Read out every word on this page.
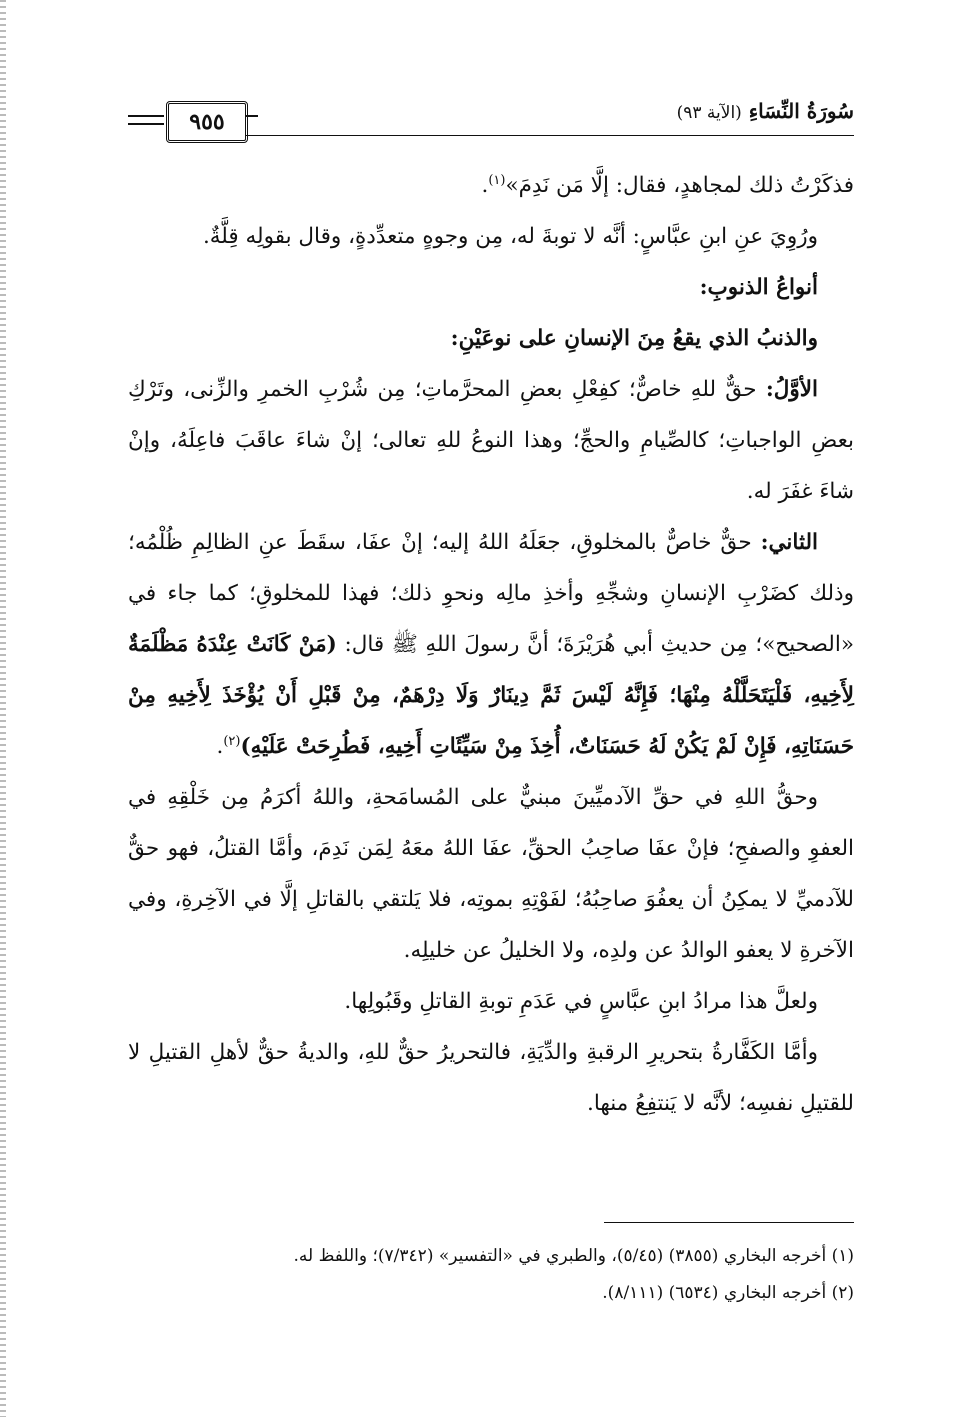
٩٥٥	سُورَةُ النِّسَاءِ (الآية ٩٣)

فذكَرْتُ ذلك لمجاهدٍ، فقال: إلَّا مَن نَدِمَ»$^{(١)}$.

ورُوِيَ عنِ ابنِ عبَّاسٍ: أنَّه لا توبةَ له، مِن وجوهٍ متعدِّدةٍ، وقال بقولِه قِلَّةٌ.

أنواعُ الذنوبِ:

والذنبُ الذي يقعُ مِنَ الإنسانِ على نوعَيْنِ:

الأوَّلُ: حقٌّ للهِ خاصٌّ؛ كفِعْلِ بعضِ المحرَّماتِ؛ مِن شُرْبِ الخمرِ والزِّنى، وتَرْكِ بعضِ الواجباتِ؛ كالصِّيامِ والحجِّ؛ وهذا النوعُ للهِ تعالى؛ إنْ شاءَ عاقَبَ فاعِلَهُ، وإنْ شاءَ غفَرَ له.

الثاني: حقٌّ خاصٌّ بالمخلوقِ، جعَلَهُ اللهُ إليه؛ إنْ عفَا، سقَطَ عنِ الظالِمِ ظُلْمُه؛ وذلك كضَرْبِ الإنسانِ وشجِّهِ وأخذِ مالِه ونحوِ ذلك؛ فهذا للمخلوقِ؛ كما جاء في «الصحيح»؛ مِن حديثِ أبي هُرَيْرَةَ؛ أنَّ رسولَ اللهِ ﷺ قال: (مَنْ كَانَتْ عِنْدَهُ مَظْلَمَةٌ لِأَخِيهِ، فَلْيَتَحَلَّلْهُ مِنْهَا؛ فَإِنَّهُ لَيْسَ ثَمَّ دِينَارٌ وَلَا دِرْهَمٌ، مِنْ قَبْلِ أَنْ يُؤْخَذَ لِأَخِيهِ مِنْ حَسَنَاتِهِ، فَإِنْ لَمْ يَكُنْ لَهُ حَسَنَاتٌ، أُخِذَ مِنْ سَيِّئَاتِ أَخِيهِ، فَطُرِحَتْ عَلَيْهِ)$^{(٢)}$.

وحقُّ اللهِ في حقِّ الآدميِّينَ مبنيٌّ على المُسامَحةِ، واللهُ أكرَمُ مِن خَلْقِهِ في العفوِ والصفحِ؛ فإنْ عفَا صاحِبُ الحقِّ، عفَا اللهُ معَهُ لِمَن نَدِمَ، وأمَّا القتلُ، فهو حقٌّ للآدميِّ لا يمكِنُ أن يعفُوَ صاحِبُهُ؛ لفَوْتِهِ بموتِه، فلا يَلتقي بالقاتلِ إلَّا في الآخِرةِ، وفي الآخرةِ لا يعفو الوالدُ عن ولدِه، ولا الخليلُ عن خليلِه.

ولعلَّ هذا مرادُ ابنِ عبَّاسٍ في عَدَمِ توبةِ القاتلِ وقَبُولِها.

وأمَّا الكَفَّارةُ بتحريرِ الرقبةِ والدِّيَةِ، فالتحريرُ حقٌّ للهِ، والديةُ حقٌّ لأهلِ القتيلِ لا للقتيلِ نفسِه؛ لأنَّه لا يَنتفِعُ منها.

(١) أخرجه البخاري (٣٨٥٥) (٥/٤٥)، والطبري في «التفسير» (٧/٣٤٢)؛ واللفظ له.

(٢) أخرجه البخاري (٦٥٣٤) (٨/١١١).
